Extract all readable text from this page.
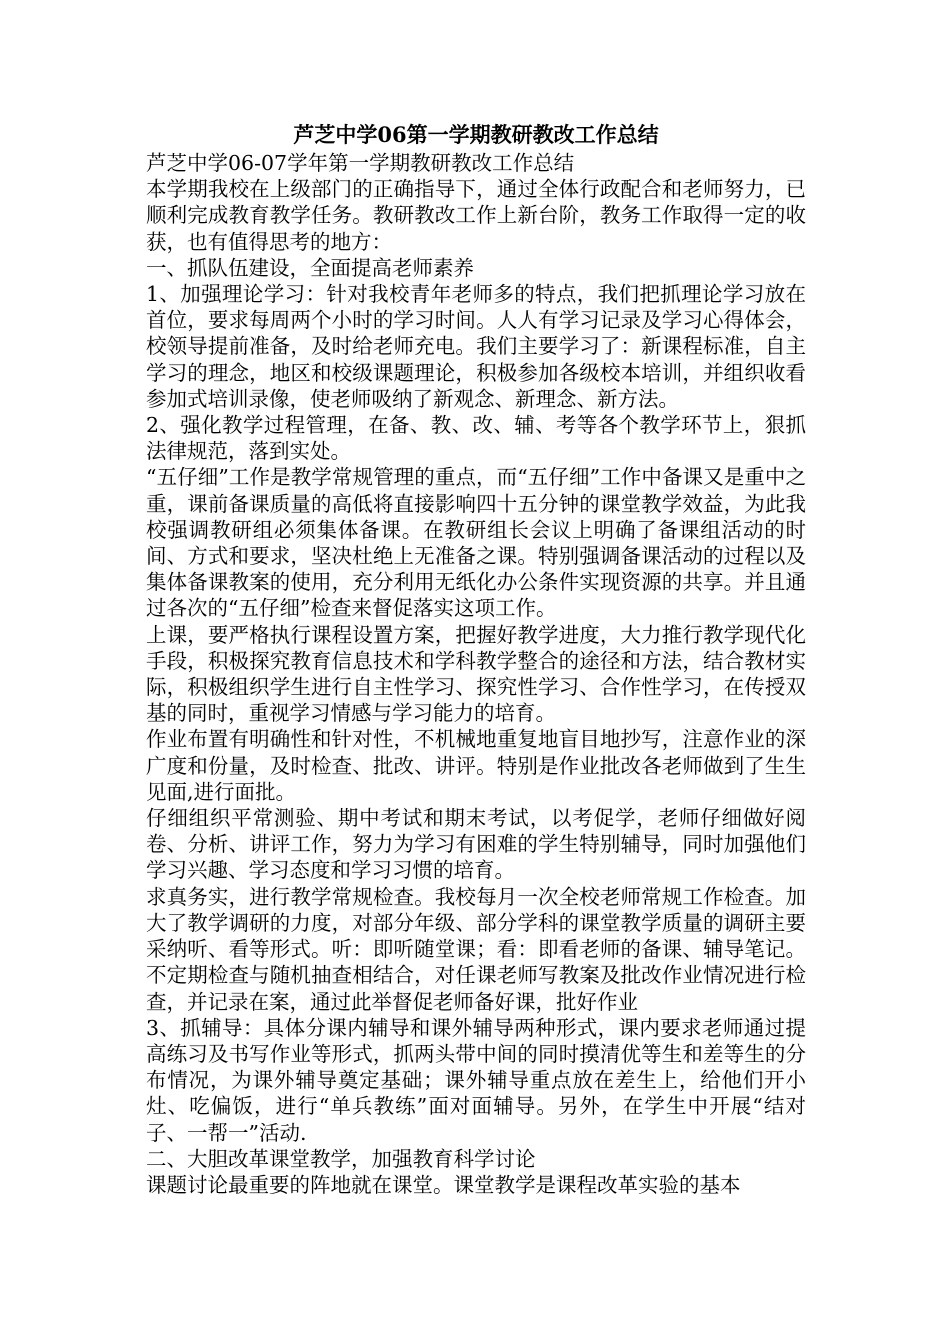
芦芝中学06第一学期教研教改工作总结

芦芝中学06-07学年第一学期教研教改工作总结

本学期我校在上级部门的正确指导下，通过全体行政配合和老师努力，已顺利完成教育教学任务。教研教改工作上新台阶，教务工作取得一定的收获，也有值得思考的地方：

一、抓队伍建设，全面提高老师素养

1、加强理论学习：针对我校青年老师多的特点，我们把抓理论学习放在首位，要求每周两个小时的学习时间。人人有学习记录及学习心得体会，校领导提前准备，及时给老师充电。我们主要学习了：新课程标准，自主学习的理念，地区和校级课题理论，积极参加各级校本培训，并组织收看参加式培训录像，使老师吸纳了新观念、新理念、新方法。

2、强化教学过程管理，在备、教、改、辅、考等各个教学环节上，狠抓法律规范，落到实处。

“五仔细”工作是教学常规管理的重点，而“五仔细”工作中备课又是重中之重，课前备课质量的高低将直接影响四十五分钟的课堂教学效益，为此我校强调教研组必须集体备课。在教研组长会议上明确了备课组活动的时间、方式和要求，坚决杜绝上无准备之课。特别强调备课活动的过程以及集体备课教案的使用，充分利用无纸化办公条件实现资源的共享。并且通过各次的“五仔细”检查来督促落实这项工作。

上课，要严格执行课程设置方案，把握好教学进度，大力推行教学现代化手段，积极探究教育信息技术和学科教学整合的途径和方法，结合教材实际，积极组织学生进行自主性学习、探究性学习、合作性学习，在传授双基的同时，重视学习情感与学习能力的培育。

作业布置有明确性和针对性，不机械地重复地盲目地抄写，注意作业的深广度和份量，及时检查、批改、讲评。特别是作业批改各老师做到了生生见面,进行面批。

仔细组织平常测验、期中考试和期末考试，以考促学，老师仔细做好阅卷、分析、讲评工作，努力为学习有困难的学生特别辅导，同时加强他们学习兴趣、学习态度和学习习惯的培育。

求真务实，进行教学常规检查。我校每月一次全校老师常规工作检查。加大了教学调研的力度，对部分年级、部分学科的课堂教学质量的调研主要采纳听、看等形式。听：即听随堂课；看：即看老师的备课、辅导笔记。不定期检查与随机抽查相结合，对任课老师写教案及批改作业情况进行检查，并记录在案，通过此举督促老师备好课，批好作业

3、抓辅导：具体分课内辅导和课外辅导两种形式，课内要求老师通过提高练习及书写作业等形式，抓两头带中间的同时摸清优等生和差等生的分布情况，为课外辅导奠定基础；课外辅导重点放在差生上，给他们开小灶、吃偏饭，进行“单兵教练”面对面辅导。另外，在学生中开展“结对子、一帮一”活动.

二、大胆改革课堂教学，加强教育科学讨论

课题讨论最重要的阵地就在课堂。课堂教学是课程改革实验的基本
